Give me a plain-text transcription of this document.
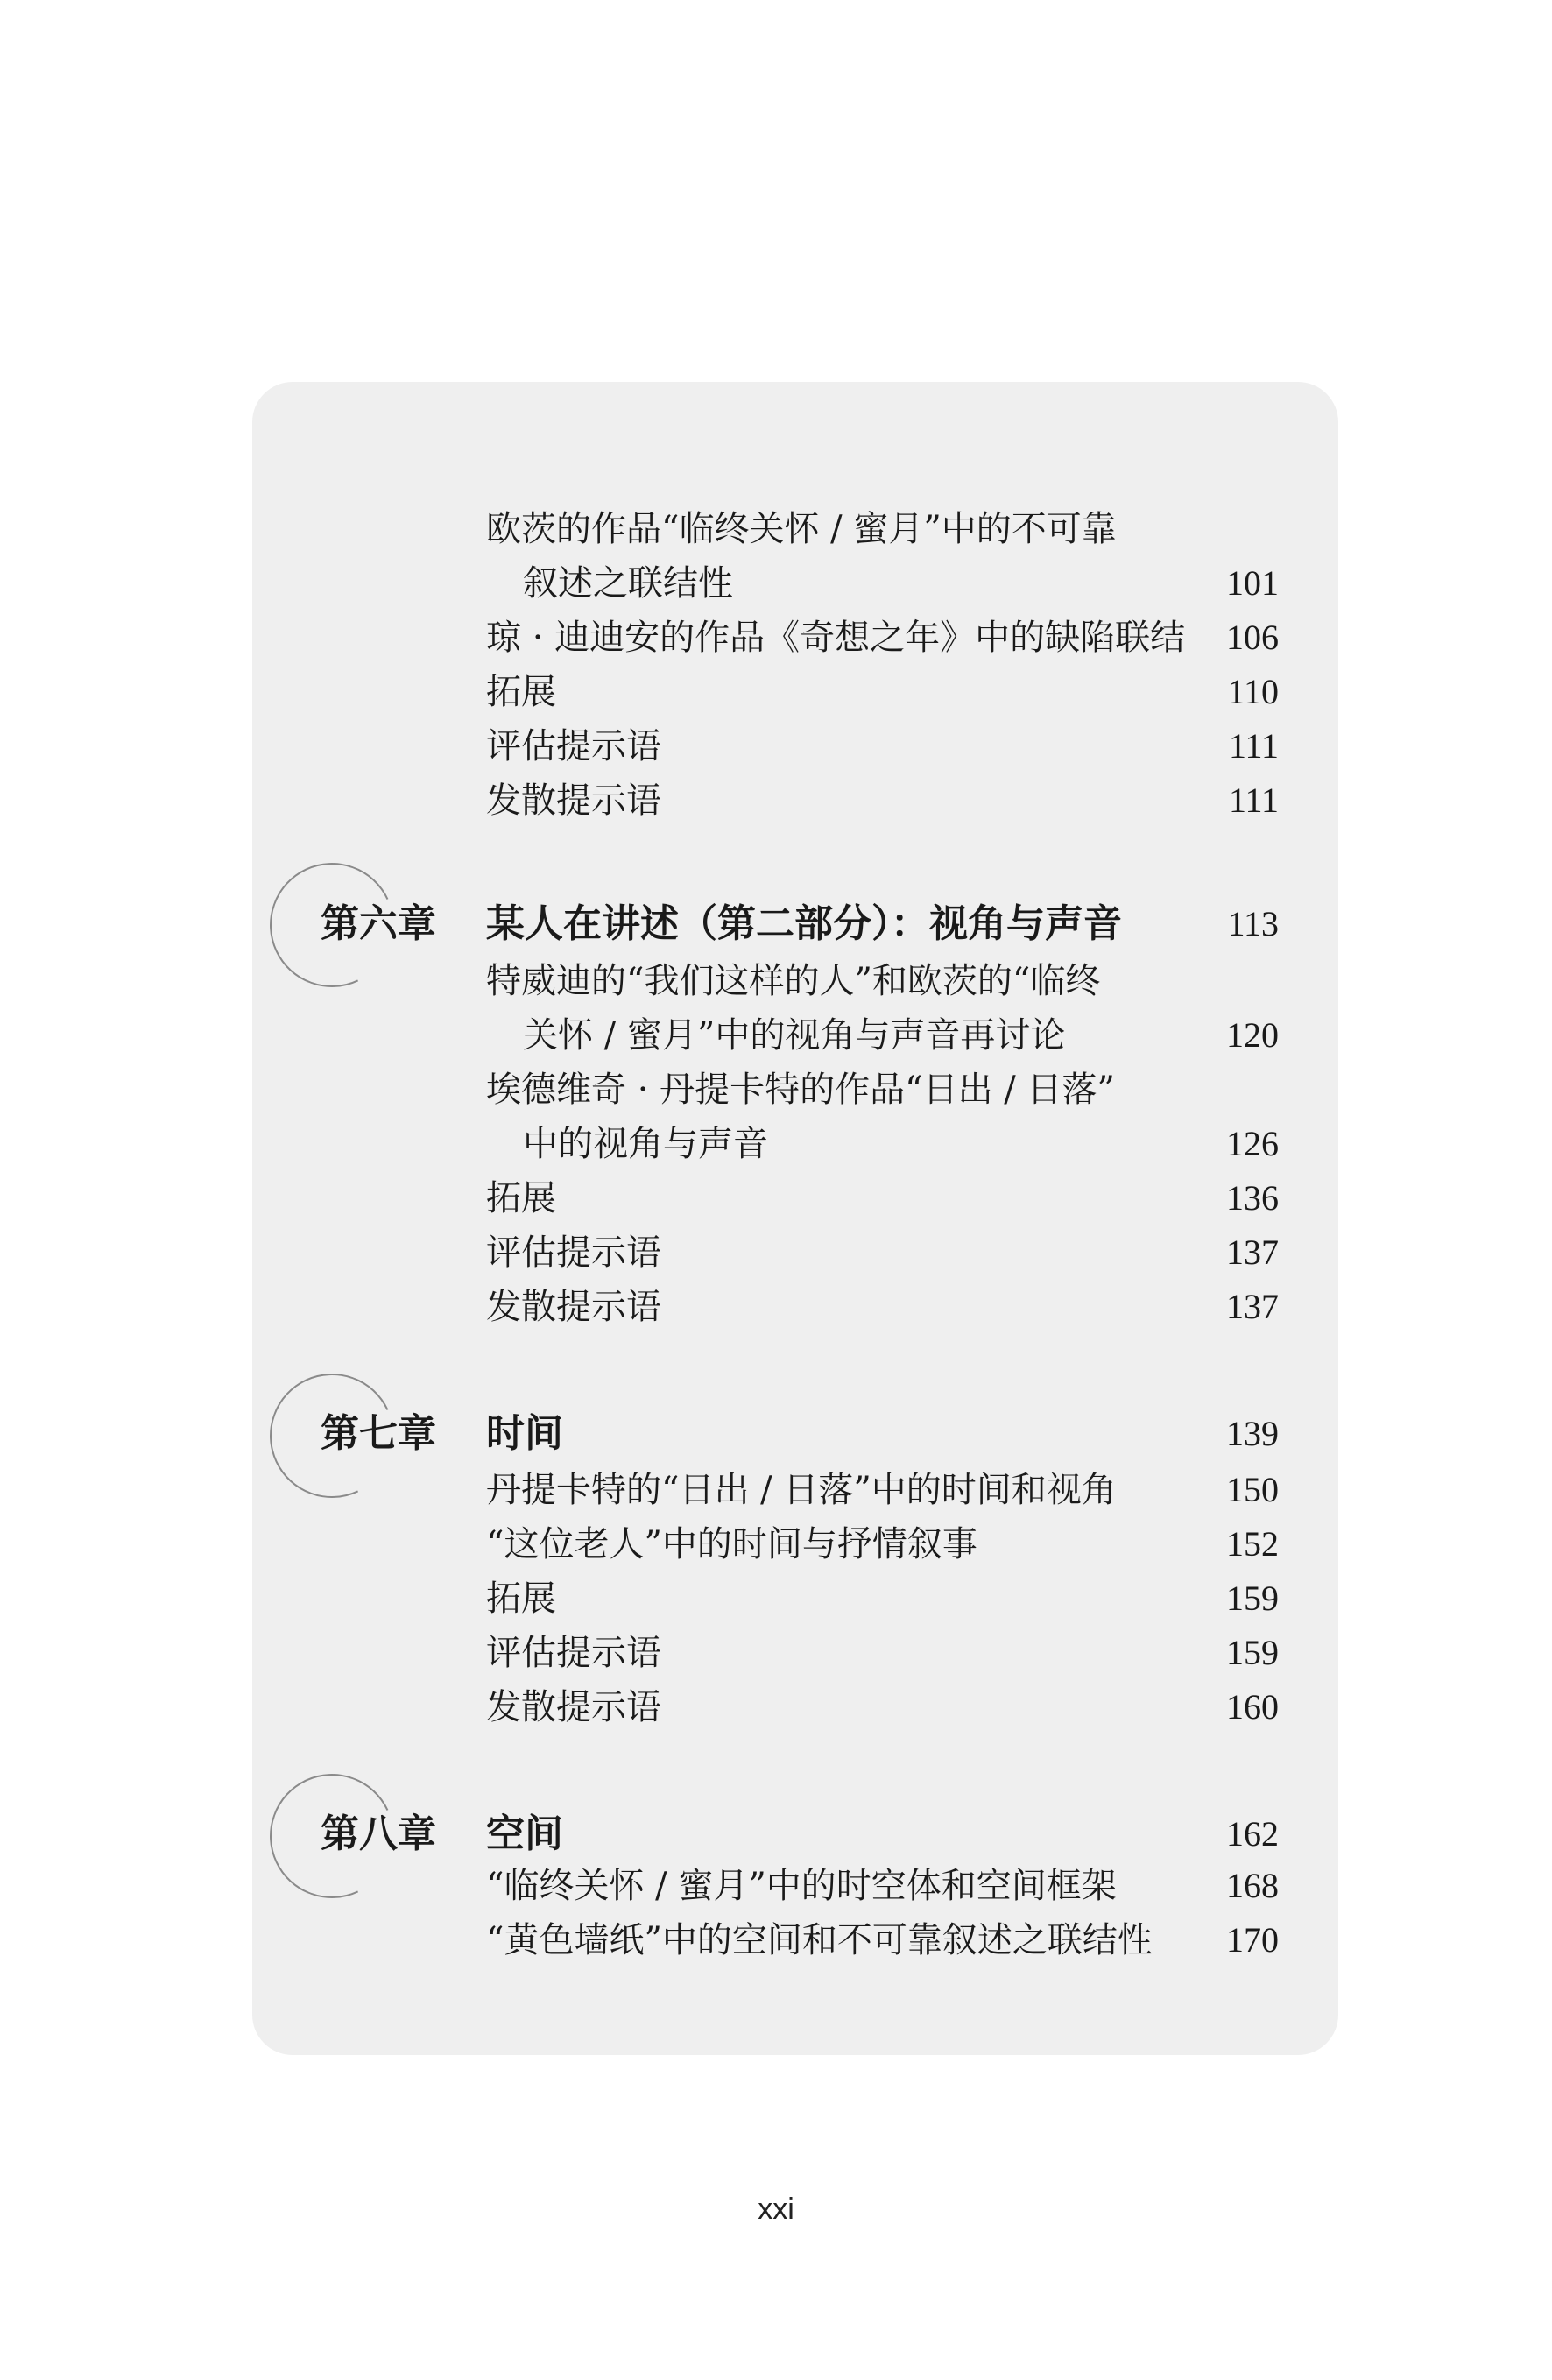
欧茨的作品“临终关怀 / 蜜月”中的不可靠
叙述之联结性	101
琼 · 迪迪安的作品《奇想之年》中的缺陷联结 106
拓展	110
评估提示语	111
发散提示语	111
第六章	某人在讲述（第二部分）：视角与声音	113
特威迪的“我们这样的人”和欧茨的“临终
关怀 / 蜜月”中的视角与声音再讨论	120
埃德维奇 · 丹提卡特的作品“日出 / 日落”
中的视角与声音	126
拓展	136
评估提示语	137
发散提示语	137
第七章	时间	139
丹提卡特的“日出 / 日落”中的时间和视角	150
“这位老人”中的时间与抒情叙事	152
拓展	159
评估提示语	159
发散提示语	160
第八章	空间	162
“临终关怀 / 蜜月”中的时空体和空间框架	168
“黄色墙纸”中的空间和不可靠叙述之联结性 170
xxi
